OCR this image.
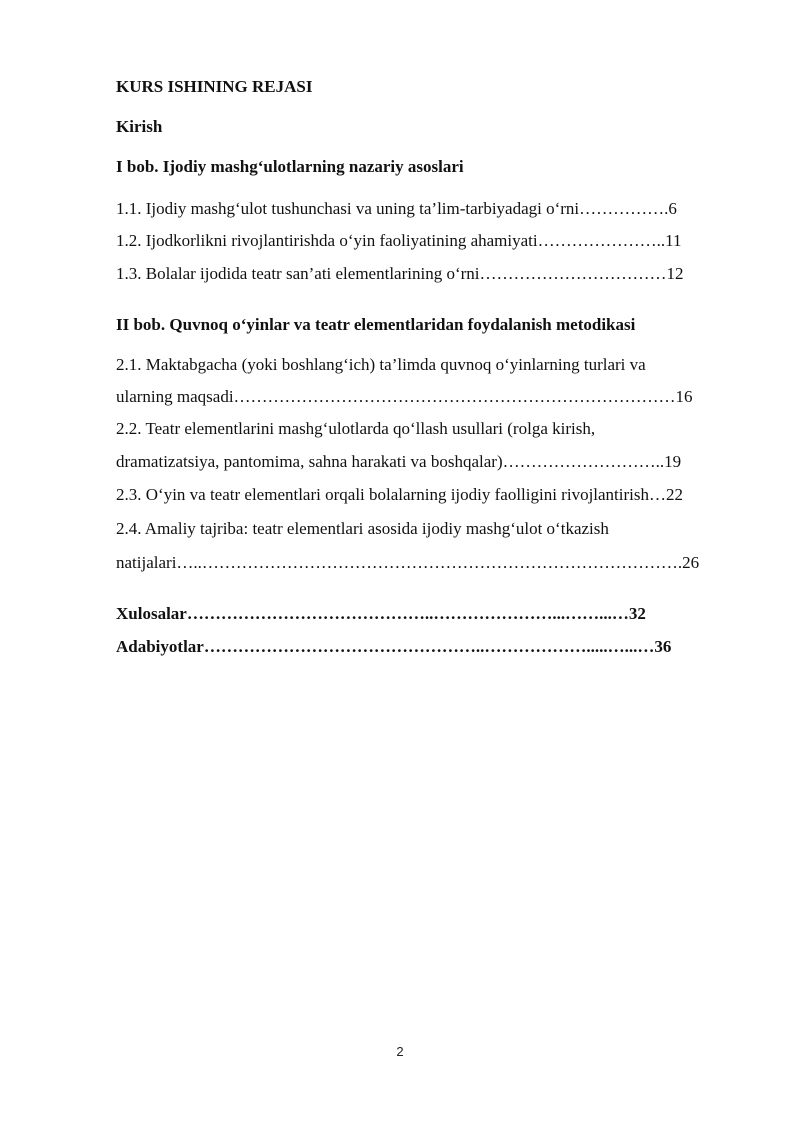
KURS ISHINING REJASI
Kirish
I bob. Ijodiy mashg‘ulotlarning nazariy asoslari
1.1. Ijodiy mashg‘ulot tushunchasi va uning ta’lim-tarbiyadagi o‘rni…………….6
1.2. Ijodkorlikni rivojlantirishda o‘yin faoliyatining ahamiyati…………………..11
1.3. Bolalar ijodida teatr san’ati elementlarining o‘rni……………………………12
II bob. Quvnoq o‘yinlar va teatr elementlaridan foydalanish metodikasi
2.1. Maktabgacha (yoki boshlang‘ich) ta’limda quvnoq o‘yinlarning turlari va
ularning maqsadi……………………………………………………………………16
2.2. Teatr elementlarini mashg‘ulotlarda qo‘llash usullari (rolga kirish,
dramatizatsiya, pantomima, sahna harakati va boshqalar)………………………..19
2.3. O‘yin va teatr elementlari orqali bolalarning ijodiy faolligini rivojlantirish…22
2.4. Amaliy tajriba: teatr elementlari asosida ijodiy mashg‘ulot o‘tkazish
natijalari…..………………………………………………………………………….26
Xulosalar……………………………………..…………………...……...…32
Adabiyotlar…………………………………………..……………….....…...…36
2
